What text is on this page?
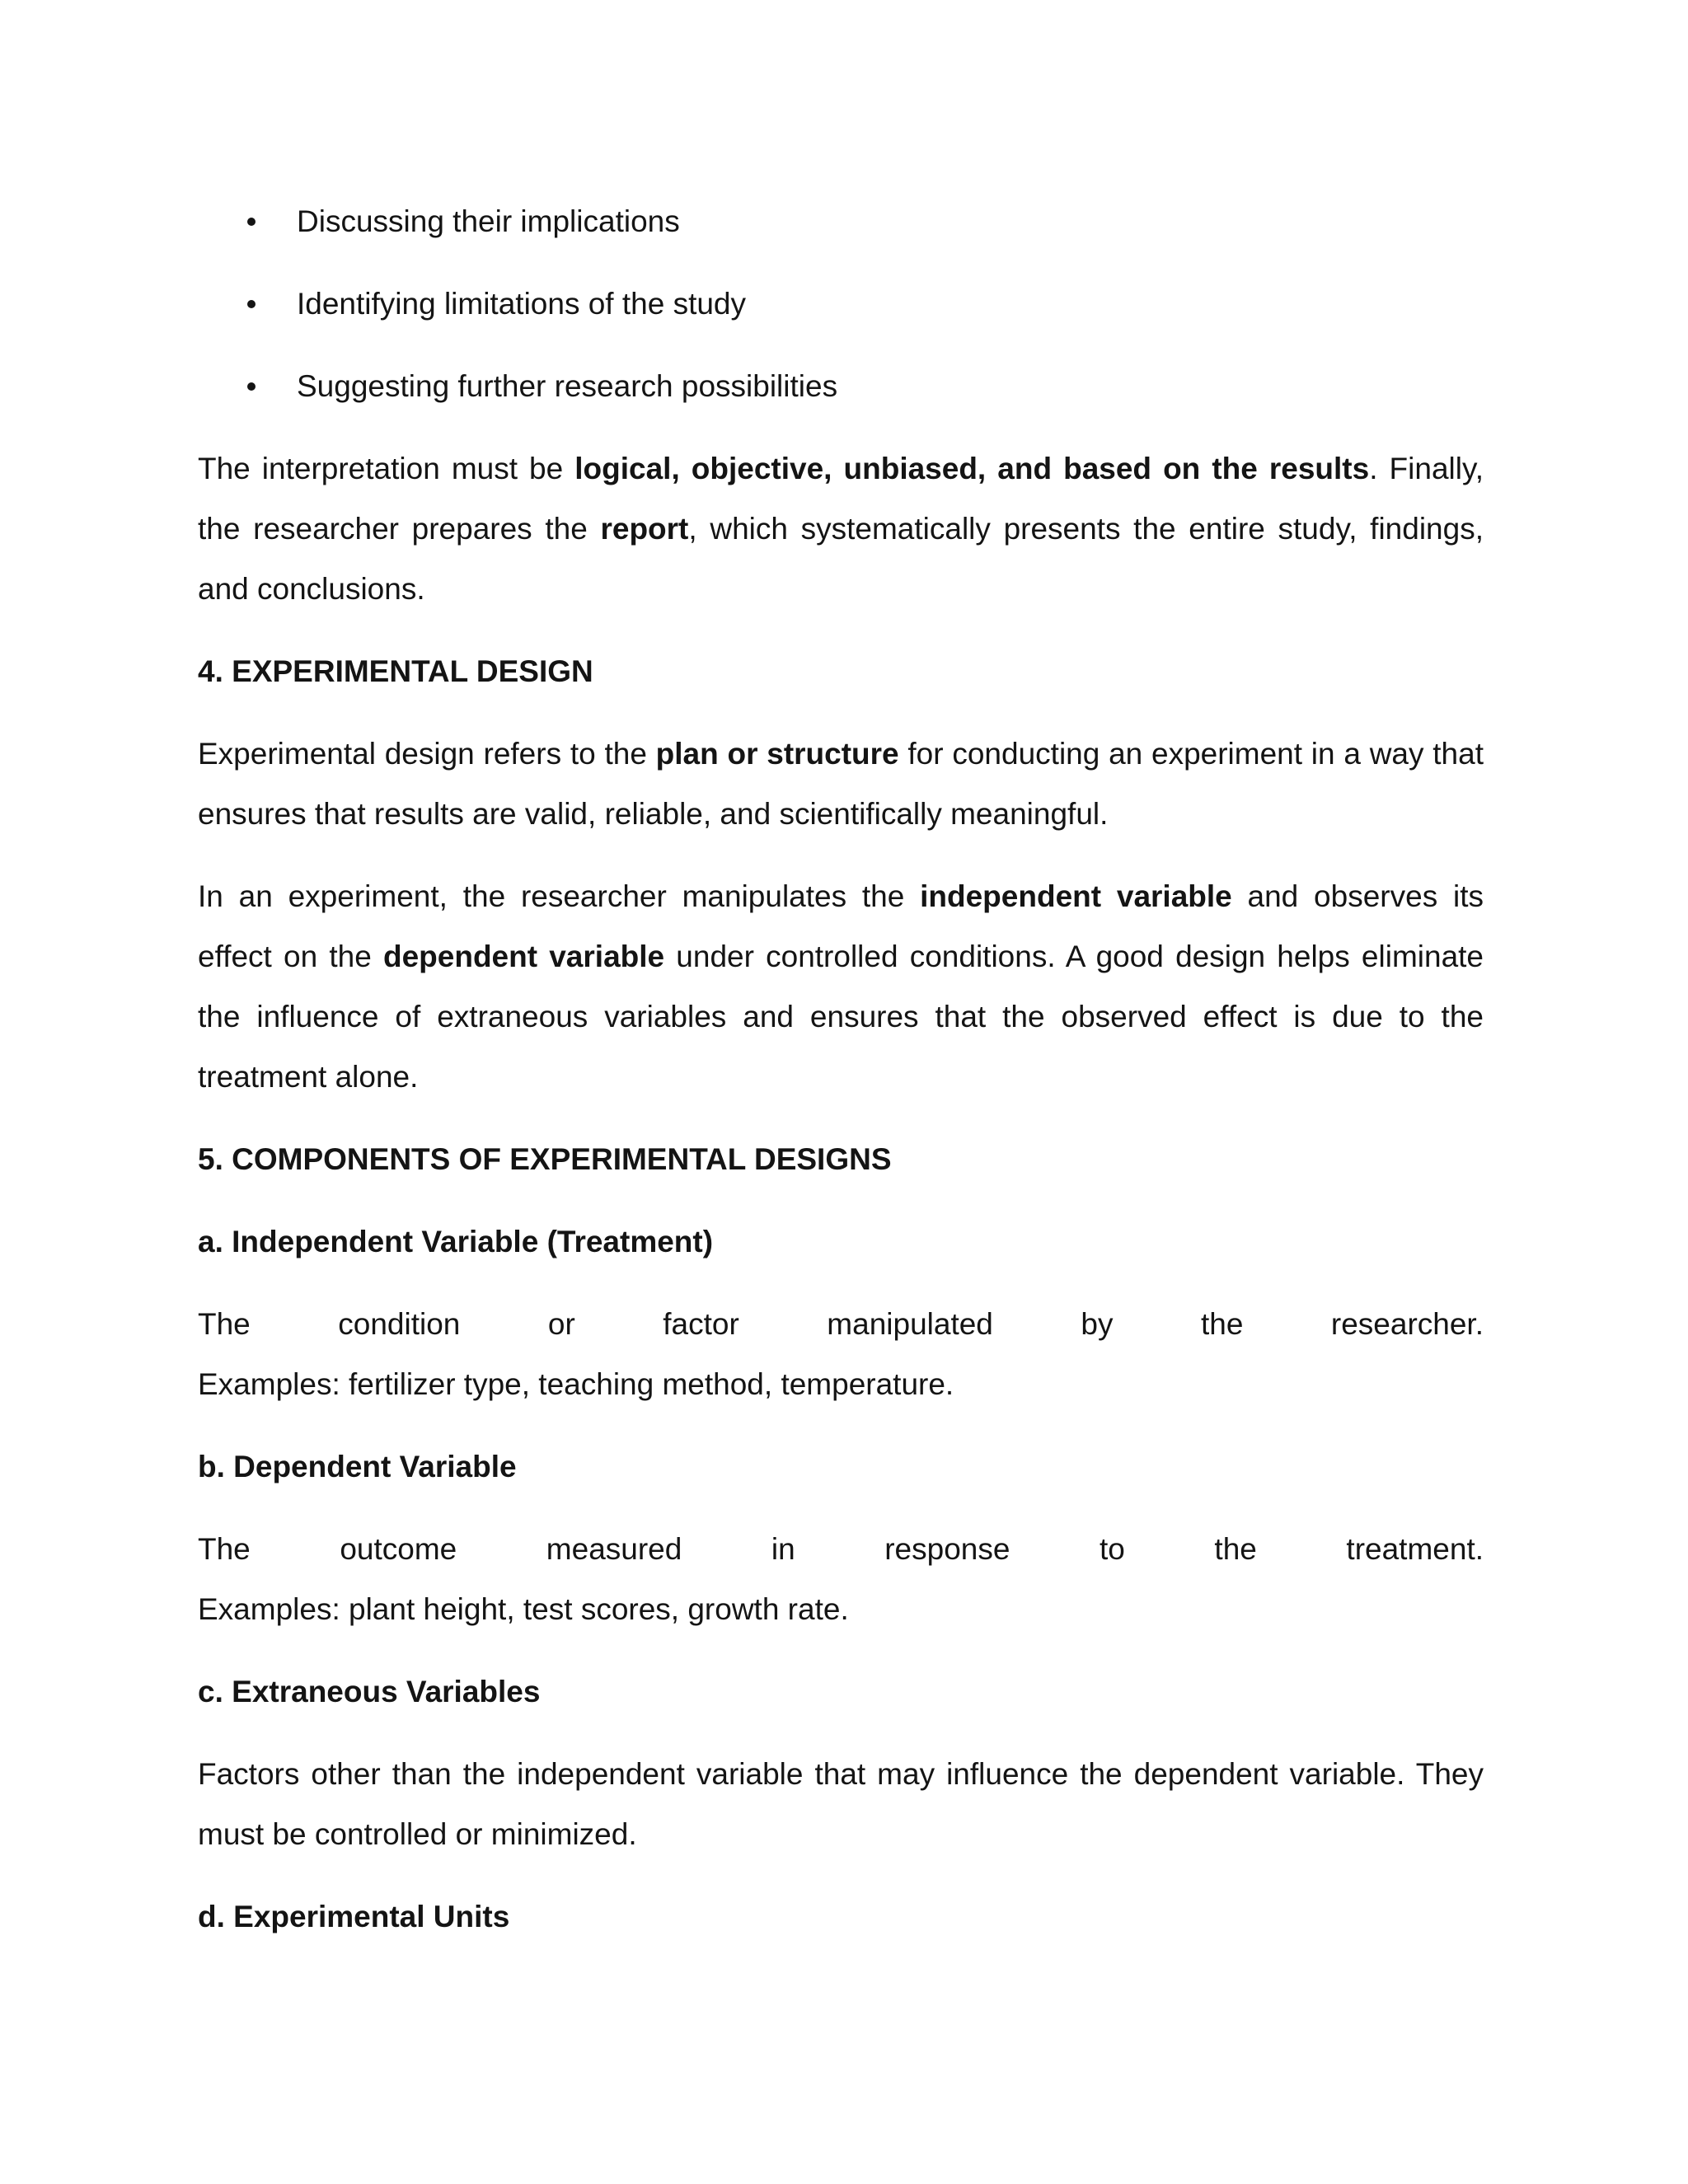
Discussing their implications
Identifying limitations of the study
Suggesting further research possibilities

The interpretation must be logical, objective, unbiased, and based on the results. Finally, the researcher prepares the report, which systematically presents the entire study, findings, and conclusions.

4. EXPERIMENTAL DESIGN

Experimental design refers to the plan or structure for conducting an experiment in a way that ensures that results are valid, reliable, and scientifically meaningful.

In an experiment, the researcher manipulates the independent variable and observes its effect on the dependent variable under controlled conditions. A good design helps eliminate the influence of extraneous variables and ensures that the observed effect is due to the treatment alone.

5. COMPONENTS OF EXPERIMENTAL DESIGNS
a. Independent Variable (Treatment)

The condition or factor manipulated by the researcher.
Examples: fertilizer type, teaching method, temperature.

b. Dependent Variable

The outcome measured in response to the treatment.
Examples: plant height, test scores, growth rate.

c. Extraneous Variables

Factors other than the independent variable that may influence the dependent variable. They must be controlled or minimized.

d. Experimental Units
